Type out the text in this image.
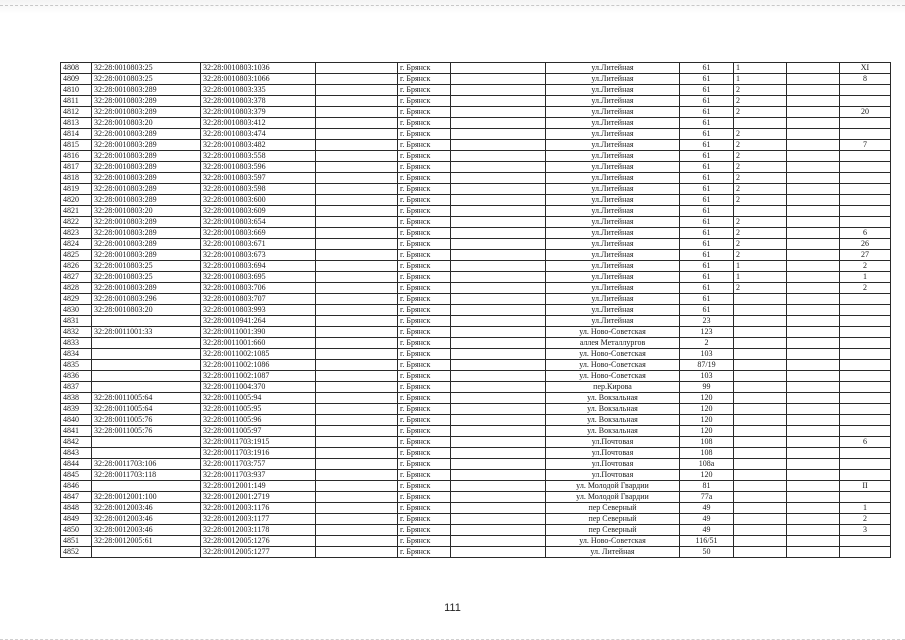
4808	32:28:0010803:25	32:28:0010803:1036		г. Брянск		ул.Литейная	61	1		XI
4809	32:28:0010803:25	32:28:0010803:1066		г. Брянск		ул.Литейная	61	1		8
4810	32:28:0010803:289	32:28:0010803:335		г. Брянск		ул.Литейная	61	2		
4811	32:28:0010803:289	32:28:0010803:378		г. Брянск		ул.Литейная	61	2		
4812	32:28:0010803:289	32:28:0010803:379		г. Брянск		ул.Литейная	61	2		20
4813	32:28:0010803:20	32:28:0010803:412		г. Брянск		ул.Литейная	61			
4814	32:28:0010803:289	32:28:0010803:474		г. Брянск		ул.Литейная	61	2		
4815	32:28:0010803:289	32:28:0010803:482		г. Брянск		ул.Литейная	61	2		7
4816	32:28:0010803:289	32:28:0010803:558		г. Брянск		ул.Литейная	61	2		
4817	32:28:0010803:289	32:28:0010803:596		г. Брянск		ул.Литейная	61	2		
4818	32:28:0010803:289	32:28:0010803:597		г. Брянск		ул.Литейная	61	2		
4819	32:28:0010803:289	32:28:0010803:598		г. Брянск		ул.Литейная	61	2		
4820	32:28:0010803:289	32:28:0010803:600		г. Брянск		ул.Литейная	61	2		
4821	32:28:0010803:20	32:28:0010803:609		г. Брянск		ул.Литейная	61			
4822	32:28:0010803:289	32:28:0010803:654		г. Брянск		ул.Литейная	61	2		
4823	32:28:0010803:289	32:28:0010803:669		г. Брянск		ул.Литейная	61	2		6
4824	32:28:0010803:289	32:28:0010803:671		г. Брянск		ул.Литейная	61	2		26
4825	32:28:0010803:289	32:28:0010803:673		г. Брянск		ул.Литейная	61	2		27
4826	32:28:0010803:25	32:28:0010803:694		г. Брянск		ул.Литейная	61	1		2
4827	32:28:0010803:25	32:28:0010803:695		г. Брянск		ул.Литейная	61	1		1
4828	32:28:0010803:289	32:28:0010803:706		г. Брянск		ул.Литейная	61	2		2
4829	32:28:0010803:296	32:28:0010803:707		г. Брянск		ул.Литейная	61			
4830	32:28:0010803:20	32:28:0010803:993		г. Брянск		ул.Литейная	61			
4831		32:28:0010941:264		г. Брянск		ул.Литейная	23			
4832	32:28:0011001:33	32:28:0011001:390		г. Брянск		ул. Ново-Советская	123			
4833		32:28:0011001:660		г. Брянск		аллея Металлургов	2			
4834		32:28:0011002:1085		г. Брянск		ул. Ново-Советская	103			
4835		32:28:0011002:1086		г. Брянск		ул. Ново-Советская	87/19			
4836		32:28:0011002:1087		г. Брянск		ул. Ново-Советская	103			
4837		32:28:0011004:370		г. Брянск		пер.Кирова	99			
4838	32:28:0011005:64	32:28:0011005:94		г. Брянск		ул. Вокзальная	120			
4839	32:28:0011005:64	32:28:0011005:95		г. Брянск		ул. Вокзальная	120			
4840	32:28:0011005:76	32:28:0011005:96		г. Брянск		ул. Вокзальная	120			
4841	32:28:0011005:76	32:28:0011005:97		г. Брянск		ул. Вокзальная	120			
4842		32:28:0011703:1915		г. Брянск		ул.Почтовая	108			6
4843		32:28:0011703:1916		г. Брянск		ул.Почтовая	108			
4844	32:28:0011703:106	32:28:0011703:757		г. Брянск		ул.Почтовая	108а			
4845	32:28:0011703:118	32:28:0011703:937		г. Брянск		ул.Почтовая	120			
4846		32:28:0012001:149		г. Брянск		ул. Молодой Гвардии	81			II
4847	32:28:0012001:100	32:28:0012001:2719		г. Брянск		ул. Молодой Гвардии	77а			
4848	32:28:0012003:46	32:28:0012003:1176		г. Брянск		пер Северный	49			1
4849	32:28:0012003:46	32:28:0012003:1177		г. Брянск		пер Северный	49			2
4850	32:28:0012003:46	32:28:0012003:1178		г. Брянск		пер Северный	49			3
4851	32:28:0012005:61	32:28:0012005:1276		г. Брянск		ул. Ново-Советская	116/51			
4852		32:28:0012005:1277		г. Брянск		ул. Литейная	50			
111
